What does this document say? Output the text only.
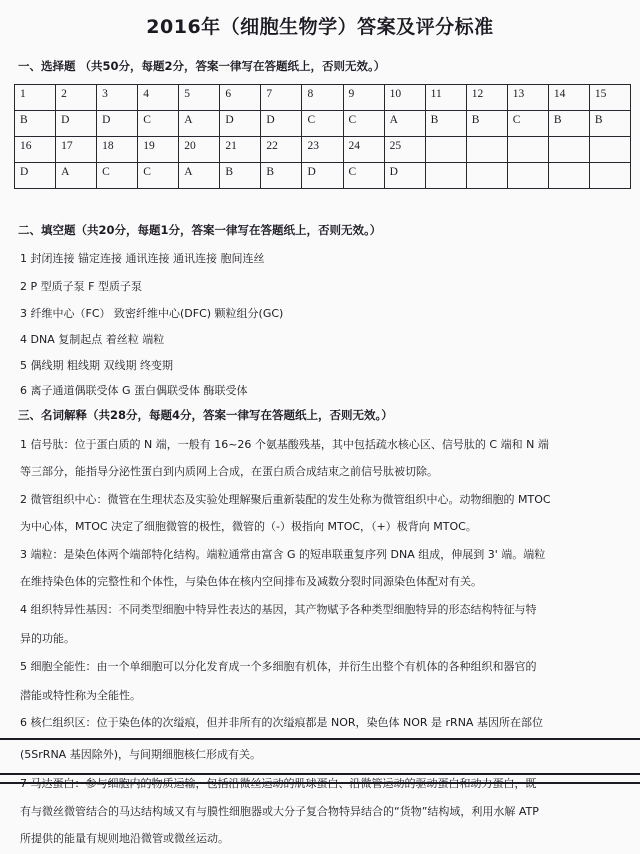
2016年（细胞生物学）答案及评分标准
一、选择题 （共50分，每题2分，答案一律写在答题纸上，否则无效。）
1	2	3	4	5	6	7	8	9	10	11	12	13	14	15
B	D	D	C	A	D	D	C	C	A	B	B	C	B	B
16	17	18	19	20	21	22	23	24	25					
D	A	C	C	A	B	B	D	C	D					
二、填空题（共20分，每题1分，答案一律写在答题纸上，否则无效。）
1 封闭连接 锚定连接 通讯连接 通讯连接 胞间连丝
2 P 型质子泵 F 型质子泵
3 纤维中心（FC） 致密纤维中心(DFC) 颗粒组分(GC)
4 DNA 复制起点 着丝粒 端粒
5 偶线期 粗线期 双线期 终变期
6 离子通道偶联受体 G 蛋白偶联受体 酶联受体
三、名词解释（共28分，每题4分，答案一律写在答题纸上，否则无效。）
1 信号肽：位于蛋白质的 N 端，一般有 16~26 个氨基酸残基，其中包括疏水核心区、信号肽的 C 端和 N 端
等三部分，能指导分泌性蛋白到内质网上合成，在蛋白质合成结束之前信号肽被切除。
2 微管组织中心：微管在生理状态及实验处理解聚后重新装配的发生处称为微管组织中心。动物细胞的 MTOC
为中心体，MTOC 决定了细胞微管的极性，微管的（-）极指向 MTOC，（+）极背向 MTOC。
3 端粒：是染色体两个端部特化结构。端粒通常由富含 G 的短串联重复序列 DNA 组成，伸展到 3' 端。端粒
在维持染色体的完整性和个体性，与染色体在核内空间排布及减数分裂时同源染色体配对有关。
4 组织特异性基因：不同类型细胞中特异性表达的基因，其产物赋予各种类型细胞特异的形态结构特征与特
异的功能。
5 细胞全能性：由一个单细胞可以分化发育成一个多细胞有机体，并衍生出整个有机体的各种组织和器官的
潜能或特性称为全能性。
6 核仁组织区：位于染色体的次缢痕，但并非所有的次缢痕都是 NOR，染色体 NOR 是 rRNA 基因所在部位
(5SrRNA 基因除外)，与间期细胞核仁形成有关。
有与微丝微管结合的马达结构域又有与膜性细胞器或大分子复合物特异结合的“货物”结构域，利用水解 ATP
所提供的能量有规则地沿微管或微丝运动。
